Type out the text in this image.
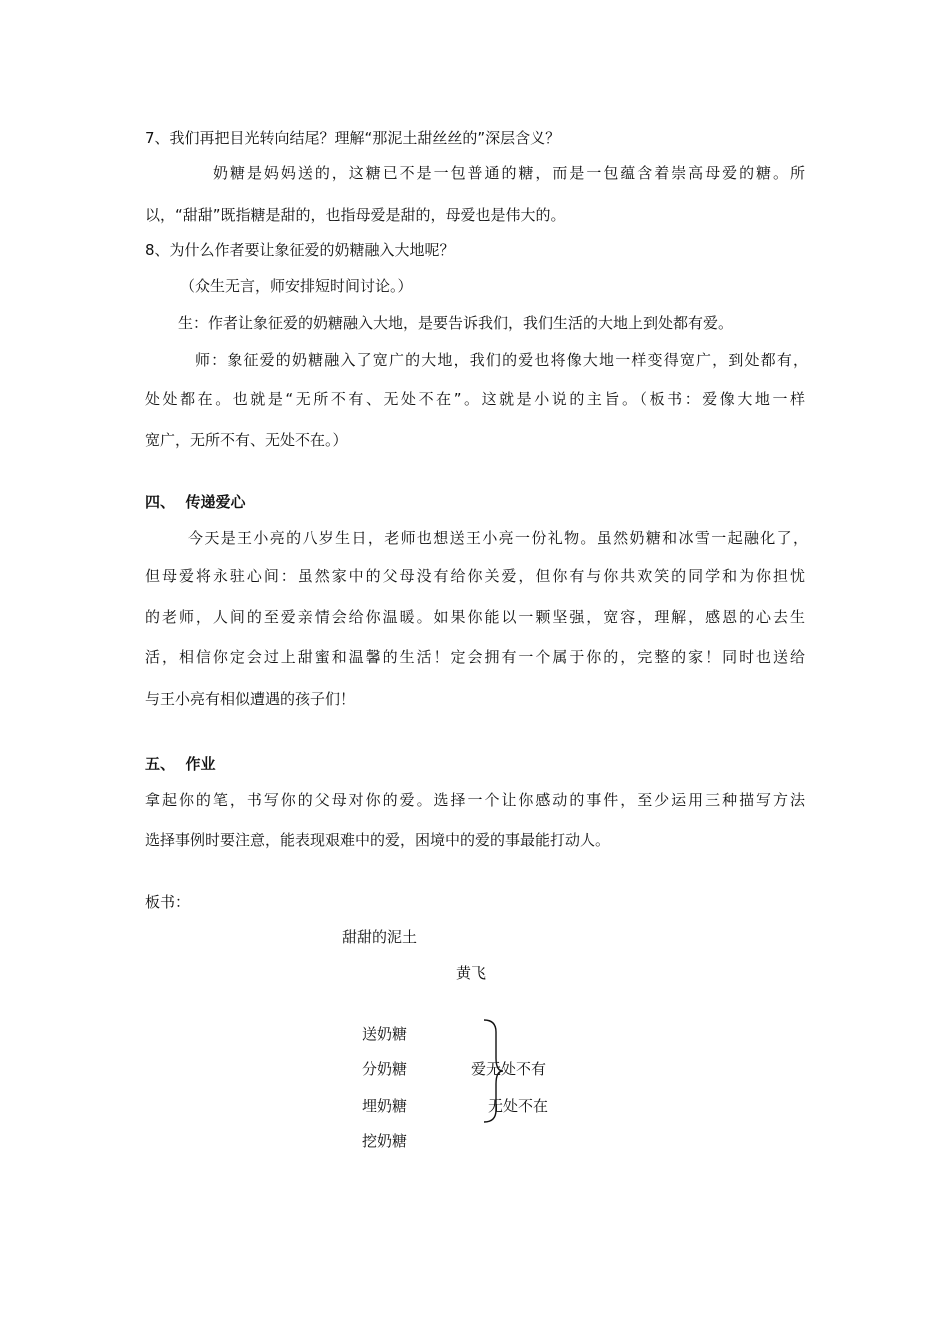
7、我们再把目光转向结尾？理解“那泥土甜丝丝的”深层含义？
奶糖是妈妈送的，这糖已不是一包普通的糖，而是一包蕴含着崇高母爱的糖。所
以，“甜甜”既指糖是甜的，也指母爱是甜的，母爱也是伟大的。
8、为什么作者要让象征爱的奶糖融入大地呢？
（众生无言，师安排短时间讨论。）
生：作者让象征爱的奶糖融入大地，是要告诉我们，我们生活的大地上到处都有爱。
师：象征爱的奶糖融入了宽广的大地，我们的爱也将像大地一样变得宽广，到处都有，
处处都在。也就是“无所不有、无处不在”。这就是小说的主旨。（板书：爱像大地一样
宽广，无所不有、无处不在。）
四、  传递爱心
今天是王小亮的八岁生日，老师也想送王小亮一份礼物。虽然奶糖和冰雪一起融化了，
但母爱将永驻心间：虽然家中的父母没有给你关爱，但你有与你共欢笑的同学和为你担忧
的老师，人间的至爱亲情会给你温暖。如果你能以一颗坚强，宽容，理解，感恩的心去生
活，相信你定会过上甜蜜和温馨的生活！定会拥有一个属于你的，完整的家！同时也送给
与王小亮有相似遭遇的孩子们！
五、  作业
拿起你的笔，书写你的父母对你的爱。选择一个让你感动的事件，至少运用三种描写方法
选择事例时要注意，能表现艰难中的爱，困境中的爱的事最能打动人。
板书：
甜甜的泥土
黄飞
送奶糖
分奶糖
埋奶糖
挖奶糖
爱无处不有
无处不在
